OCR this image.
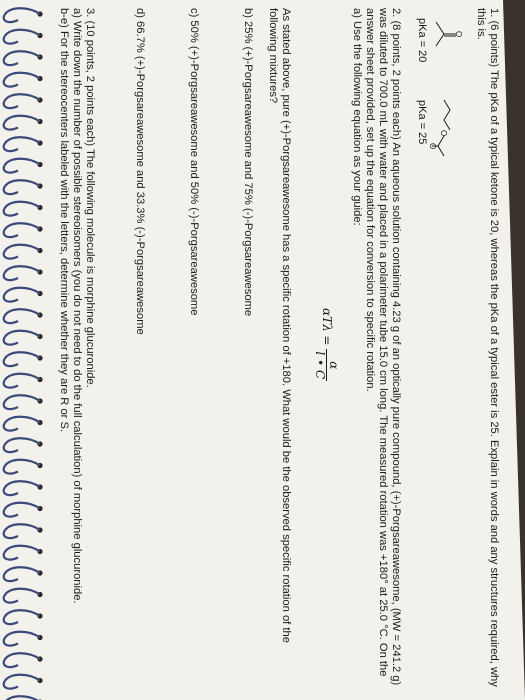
1. (6 points) The pKa of a typical ketone is 20, whereas the pKa of a typical ester is 25. Explain in words and any structures required, why this is.

O
O
O
pKa = 20
pKa = 25

2. (8 points, 2 points each) An aqueous solution containing 4.23 g of an optically pure compound, (+)-Porgsareawesome, (MW = 241.2 g) was diluted to 700.0 mL with water and placed in a polarimeter tube 15.0 cm long. The measured rotation was +180° at 25.0 °C. On the answer sheet provided, set up the equation for conversion to specific rotation.

a) Use the following equation as your guide:

αTλ =
α
l • C

As stated above, pure (+)-Porgsareawesome has a specific rotation of +180. What would be the observed specific rotation of the following mixtures?

b) 25% (+)-Porgsareawesome and 75% (-)-Porgsareawesome

c) 50% (+)-Porgsareawesome and 50% (-)-Porgsareawesome

d) 66.7% (+)-Porgsareawesome and 33.3% (-)-Porgsareawesome

3. (10 points, 2 points each) The following molecule is morphine glucuronide.

a) Write down the number of possible stereoisomers (you do not need to do the full calculation) of morphine glucuronide.

b-e) For the stereocenters labeled with the letters, determine whether they are R or S.
